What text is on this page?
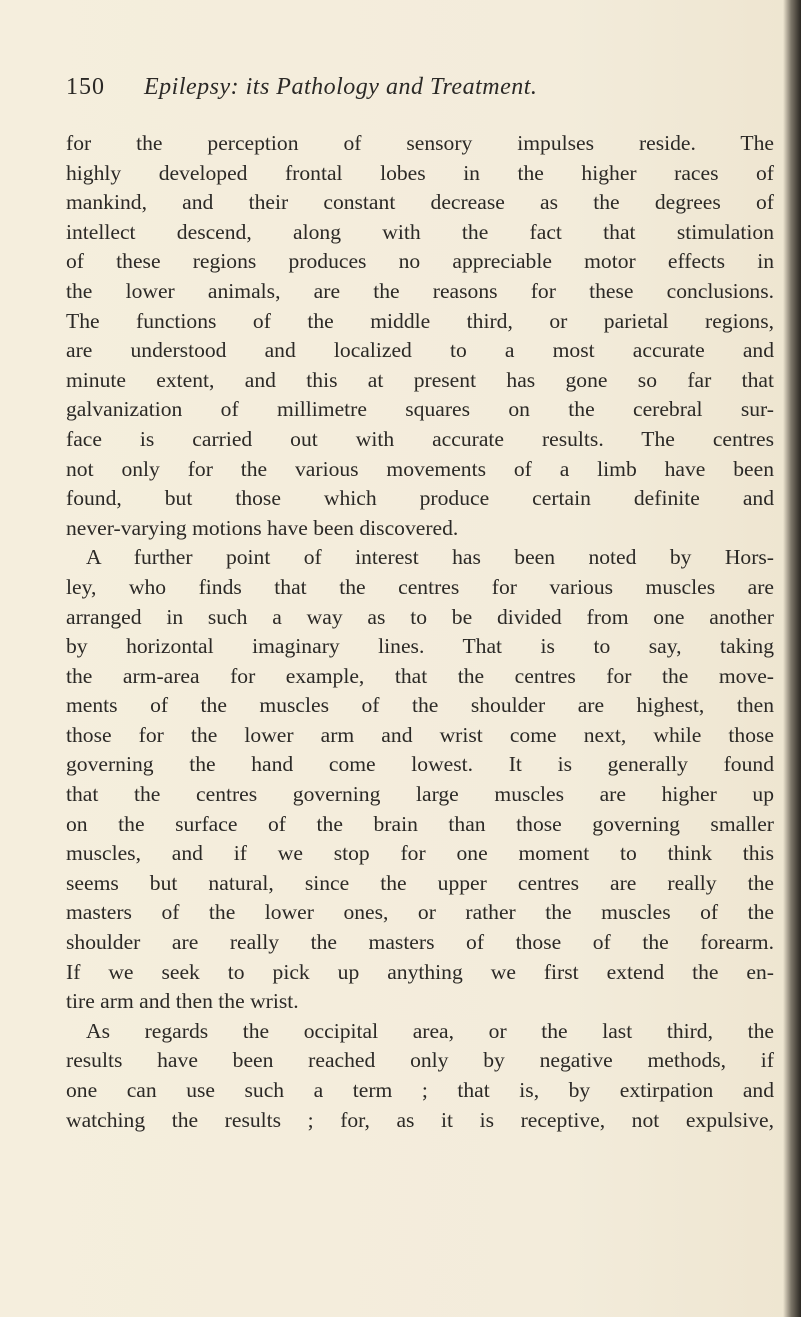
150 Epilepsy: its Pathology and Treatment.
for the perception of sensory impulses reside. The
highly developed frontal lobes in the higher races of
mankind, and their constant decrease as the degrees of
intellect descend, along with the fact that stimulation
of these regions produces no appreciable motor effects in
the lower animals, are the reasons for these conclusions.
The functions of the middle third, or parietal regions,
are understood and localized to a most accurate and
minute extent, and this at present has gone so far that
galvanization of millimetre squares on the cerebral sur-
face is carried out with accurate results. The centres
not only for the various movements of a limb have been
found, but those which produce certain definite and
never-varying motions have been discovered.
A further point of interest has been noted by Hors-
ley, who finds that the centres for various muscles are
arranged in such a way as to be divided from one another
by horizontal imaginary lines. That is to say, taking
the arm-area for example, that the centres for the move-
ments of the muscles of the shoulder are highest, then
those for the lower arm and wrist come next, while those
governing the hand come lowest. It is generally found
that the centres governing large muscles are higher up
on the surface of the brain than those governing smaller
muscles, and if we stop for one moment to think this
seems but natural, since the upper centres are really the
masters of the lower ones, or rather the muscles of the
shoulder are really the masters of those of the forearm.
If we seek to pick up anything we first extend the en-
tire arm and then the wrist.
As regards the occipital area, or the last third, the
results have been reached only by negative methods, if
one can use such a term ; that is, by extirpation and
watching the results ; for, as it is receptive, not expulsive,
